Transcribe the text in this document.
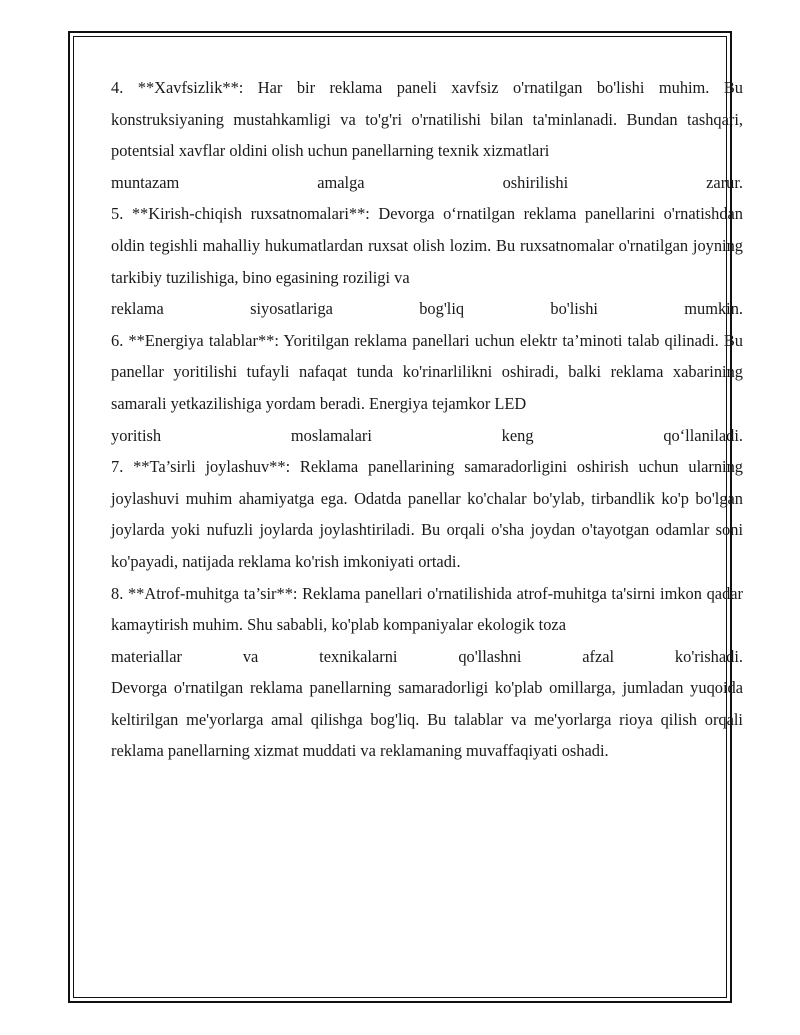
4. **Xavfsizlik**: Har bir reklama paneli xavfsiz o'rnatilgan bo'lishi muhim. Bu konstruksiyaning mustahkamligi va to'g'ri o'rnatilishi bilan ta'minlanadi. Bundan tashqari, potentsial xavflar oldini olish uchun panellarning texnik xizmatlari

muntazam amalga oshirilishi zarur.

5. **Kirish-chiqish ruxsatnomalari**: Devorga o‘rnatilgan reklama panellarini o'rnatishdan oldin tegishli mahalliy hukumatlardan ruxsat olish lozim. Bu ruxsatnomalar o'rnatilgan joyning tarkibiy tuzilishiga, bino egasining roziligi va

reklama siyosatlariga bog'liq bo'lishi mumkin.

6. **Energiya talablar**: Yoritilgan reklama panellari uchun elektr ta’minoti talab qilinadi. Bu panellar yoritilishi tufayli nafaqat tunda ko'rinarlilikni oshiradi, balki reklama xabarining samarali yetkazilishiga yordam beradi. Energiya tejamkor LED

yoritish moslamalari keng qo‘llaniladi.

7. **Ta’sirli joylashuv**: Reklama panellarining samaradorligini oshirish uchun ularning joylashuvi muhim ahamiyatga ega. Odatda panellar ko'chalar bo'ylab, tirbandlik ko'p bo'lgan joylarda yoki nufuzli joylarda joylashtiriladi. Bu orqali o'sha joydan o'tayotgan odamlar soni ko'payadi, natijada reklama ko'rish imkoniyati ortadi.

8. **Atrof-muhitga ta’sir**: Reklama panellari o'rnatilishida atrof-muhitga ta'sirni imkon qadar kamaytirish muhim. Shu sababli, ko'plab kompaniyalar ekologik toza

materiallar va texnikalarni qo'llashni afzal ko'rishadi.

Devorga o'rnatilgan reklama panellarning samaradorligi ko'plab omillarga, jumladan yuqoida keltirilgan me'yorlarga amal qilishga bog'liq. Bu talablar va me'yorlarga rioya qilish orqali reklama panellarning xizmat muddati va reklamaning muvaffaqiyati oshadi.
